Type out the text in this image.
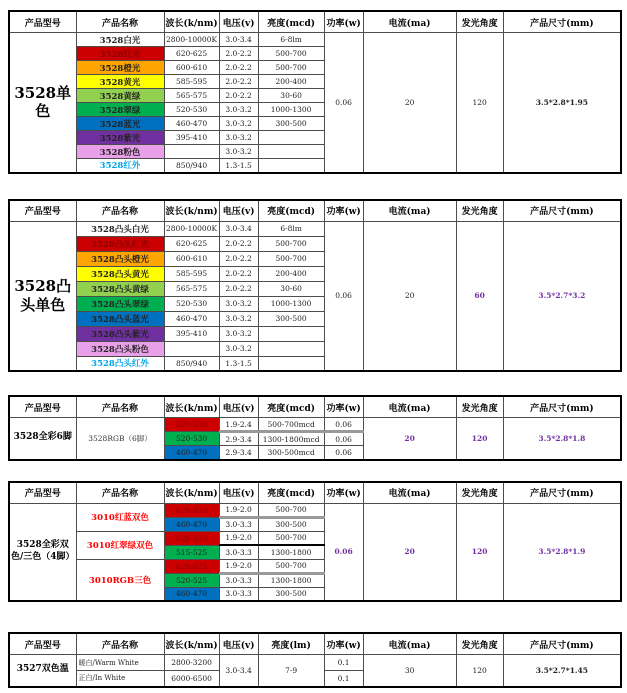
产品型号	产品名称	波长(k/nm)	电压(v)	亮度(mcd)	功率(w)	电流(ma)	发光角度	产品尺寸(mm)
3528单色	3528白光	2800-10000K	3.0-3.4	6-8lm	0.06	20	120	3.5*2.8*1.95
	3528红光	620-625	2.0-2.2	500-700				
	3528橙光	600-610	2.0-2.2	500-700				
	3528黄光	585-595	2.0-2.2	200-400				
	3528黄绿	565-575	2.0-2.2	30-60				
	3528翠绿	520-530	3.0-3.2	1000-1300				
	3528蓝光	460-470	3.0-3.2	300-500				
	3528紫光	395-410	3.0-3.2					
	3528粉色		3.0-3.2					
	3528红外	850/940	1.3-1.5					
产品型号	产品名称	波长(k/nm)	电压(v)	亮度(mcd)	功率(w)	电流(ma)	发光角度	产品尺寸(mm)
3528凸头单色	3528凸头白光	2800-10000K	3.0-3.4	6-8lm	0.06	20	60	3.5*2.7*3.2
	3528凸头红光	620-625	2.0-2.2	500-700				
	3528凸头橙光	600-610	2.0-2.2	500-700				
	3528凸头黄光	585-595	2.0-2.2	200-400				
	3528凸头黄绿	565-575	2.0-2.2	30-60				
	3528凸头翠绿	520-530	3.0-3.2	1000-1300				
	3528凸头蓝光	460-470	3.0-3.2	300-500				
	3528凸头紫光	395-410	3.0-3.2					
	3528凸头粉色		3.0-3.2					
	3528凸头红外	850/940	1.3-1.5					
产品型号	产品名称	波长(k/nm)	电压(v)	亮度(mcd)	功率(w)	电流(ma)	发光角度	产品尺寸(mm)
3528全彩6脚	3528RGB（6脚）	620-630	1.9-2.4	500-700mcd	0.06	20	120	3.5*2.8*1.8
		520-530	2.9-3.4	1300-1800mcd	0.06			
		460-470	2.9-3.4	300-500mcd	0.06			
产品型号	产品名称	波长(k/nm)	电压(v)	亮度(mcd)	功率(w)	电流(ma)	发光角度	产品尺寸(mm)
3528全彩双色/三色（4脚）	3010红蓝双色	620-630	1.9-2.0	500-700	0.06	20	120	3.5*2.8*1.9
		460-470	3.0-3.3	300-500				
	3010红翠绿双色	620-630	1.9-2.0	500-700				
		515-525	3.0-3.3	1300-1800				
	3010RGB三色	620-625	1.9-2.0	500-700				
		520-525	3.0-3.3	1300-1800				
		460-470	3.0-3.3	300-500				
产品型号	产品名称	波长(k/nm)	电压(v)	亮度(lm)	功率(w)	电流(ma)	发光角度	产品尺寸(mm)
3527双色温	暖白/Warm White	2800-3200	3.0-3.4	7-9	0.1	30	120	3.5*2.7*1.45
	正白/In White	6000-6500			0.1			
